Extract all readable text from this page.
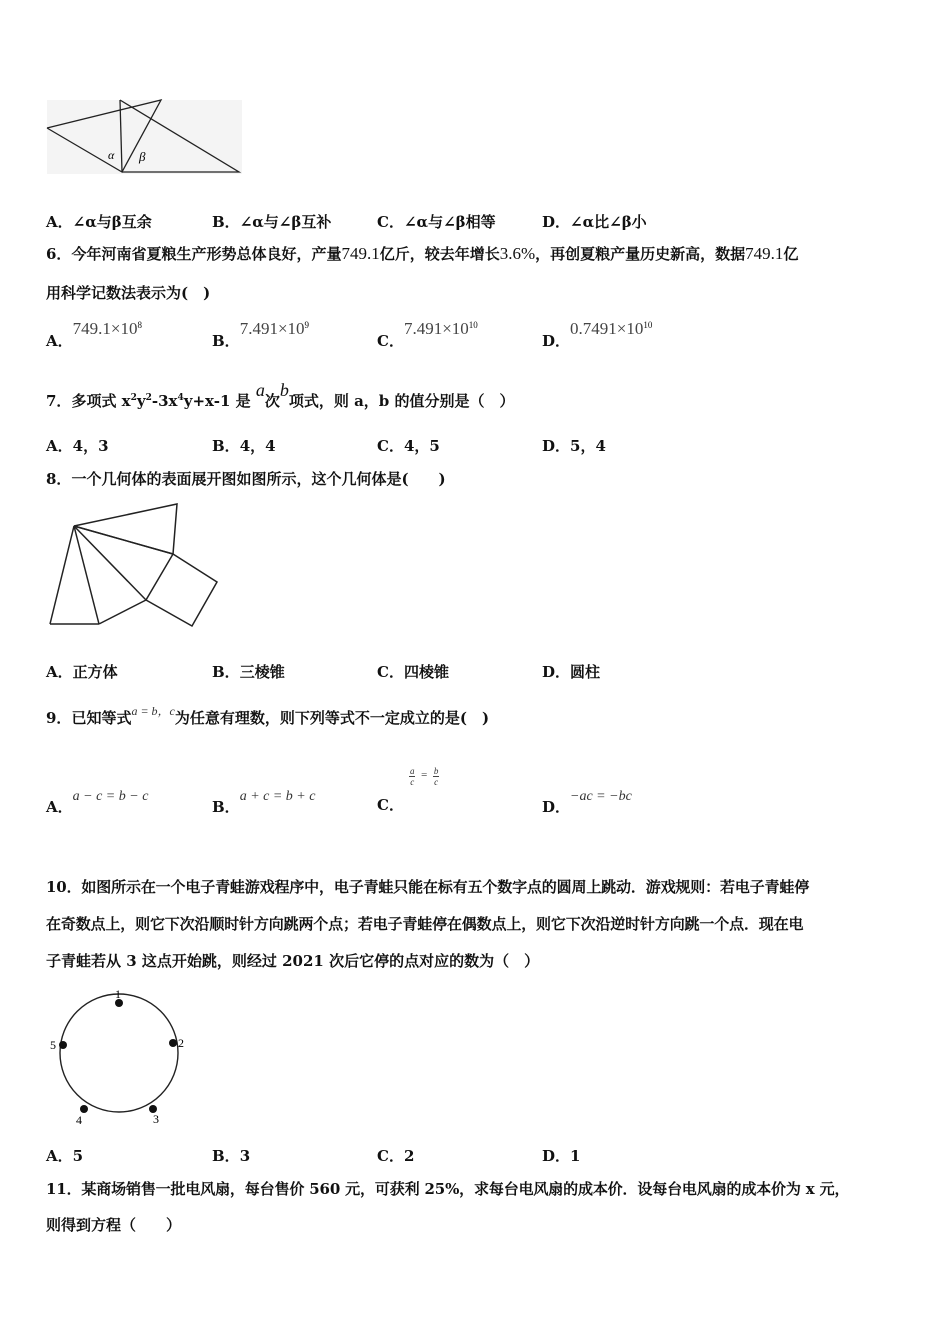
α β
A．∠α与β互余	B．∠α与∠β互补	C．∠α与∠β相等	D．∠α比∠β小
6．今年河南省夏粮生产形势总体良好，产量749.1亿斤，较去年增长3.6%，再创夏粮产量历史新高，数据749.1亿
用科学记数法表示为(　)
A．$749.1\times 10^8$
B．$7.491\times 10^9$
C．$7.491\times 10^{10}$
D．$0.7491\times 10^{10}$
7．多项式 $x^2y^2-3x^4y+x-1$ 是 a次b项式，则 a，b 的值分别是（　）
A．4，3	B．4，4	C．4，5	D．5，4
8．一个几何体的表面展开图如图所示，这个几何体是(　　)
A．正方体	B．三棱锥	C．四棱锥	D．圆柱
9．已知等式$^{a = b,c}$为任意有理数，则下列等式不一定成立的是(　)
A．a − c = b − c
B．a + c = b + c	C． $\frac{a}{c} ^= \frac{b}{c}$
D．−ac = −bc
10．如图所示在一个电子青蛙游戏程序中，电子青蛙只能在标有五个数字点的圆周上跳动．游戏规则：若电子青蛙停
在奇数点上，则它下次沿顺时针方向跳两个点；若电子青蛙停在偶数点上，则它下次沿逆时针方向跳一个点．现在电
子青蛙若从 3 这点开始跳，则经过 2021 次后它停的点对应的数为（　）
1
2
3
4
5
A．5	B．3	C．2	D．1
11．某商场销售一批电风扇，每台售价 560 元，可获利 25%，求每台电风扇的成本价．设每台电风扇的成本价为 x 元，
则得到方程（　　）
